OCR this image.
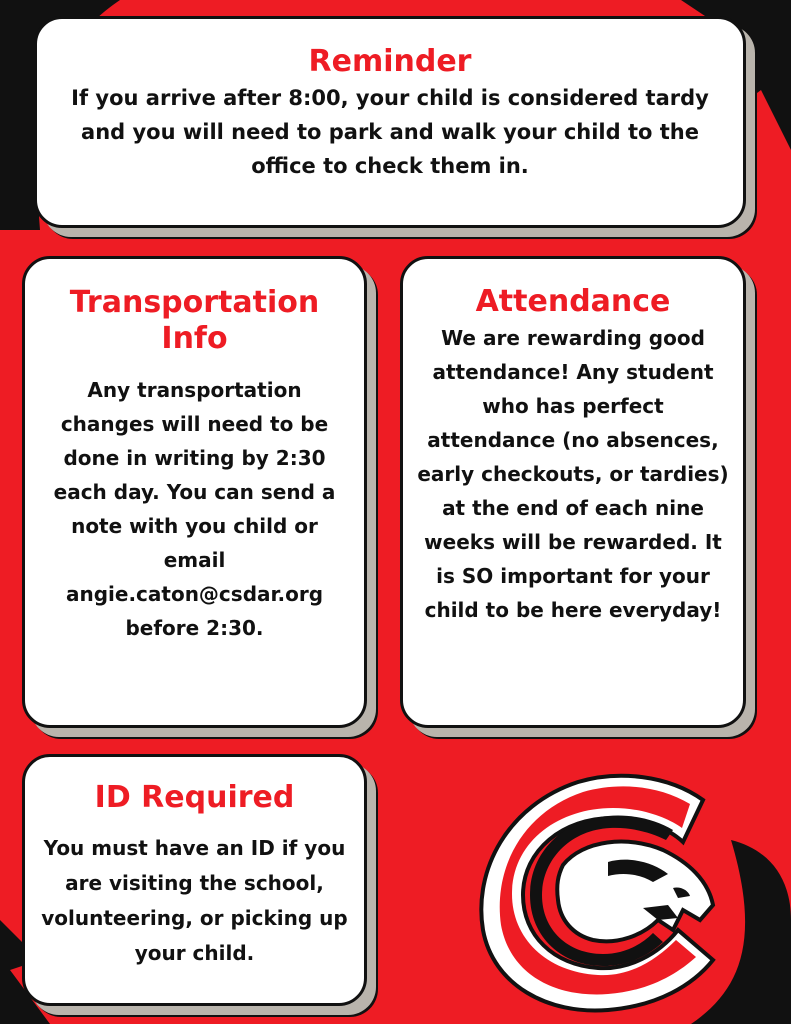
Reminder

If you arrive after 8:00, your child is considered tardy and you will need to park and walk your child to the office to check them in.

Transportation Info

Any transportation changes will need to be done in writing by 2:30 each day. You can send a note with you child or email angie.caton@csdar.org before 2:30.

Attendance

We are rewarding good attendance! Any student who has perfect attendance (no absences, early checkouts, or tardies) at the end of each nine weeks will be rewarded. It is SO important for your child to be here everyday!

ID Required

You must have an ID if you are visiting the school, volunteering, or picking up your child.
